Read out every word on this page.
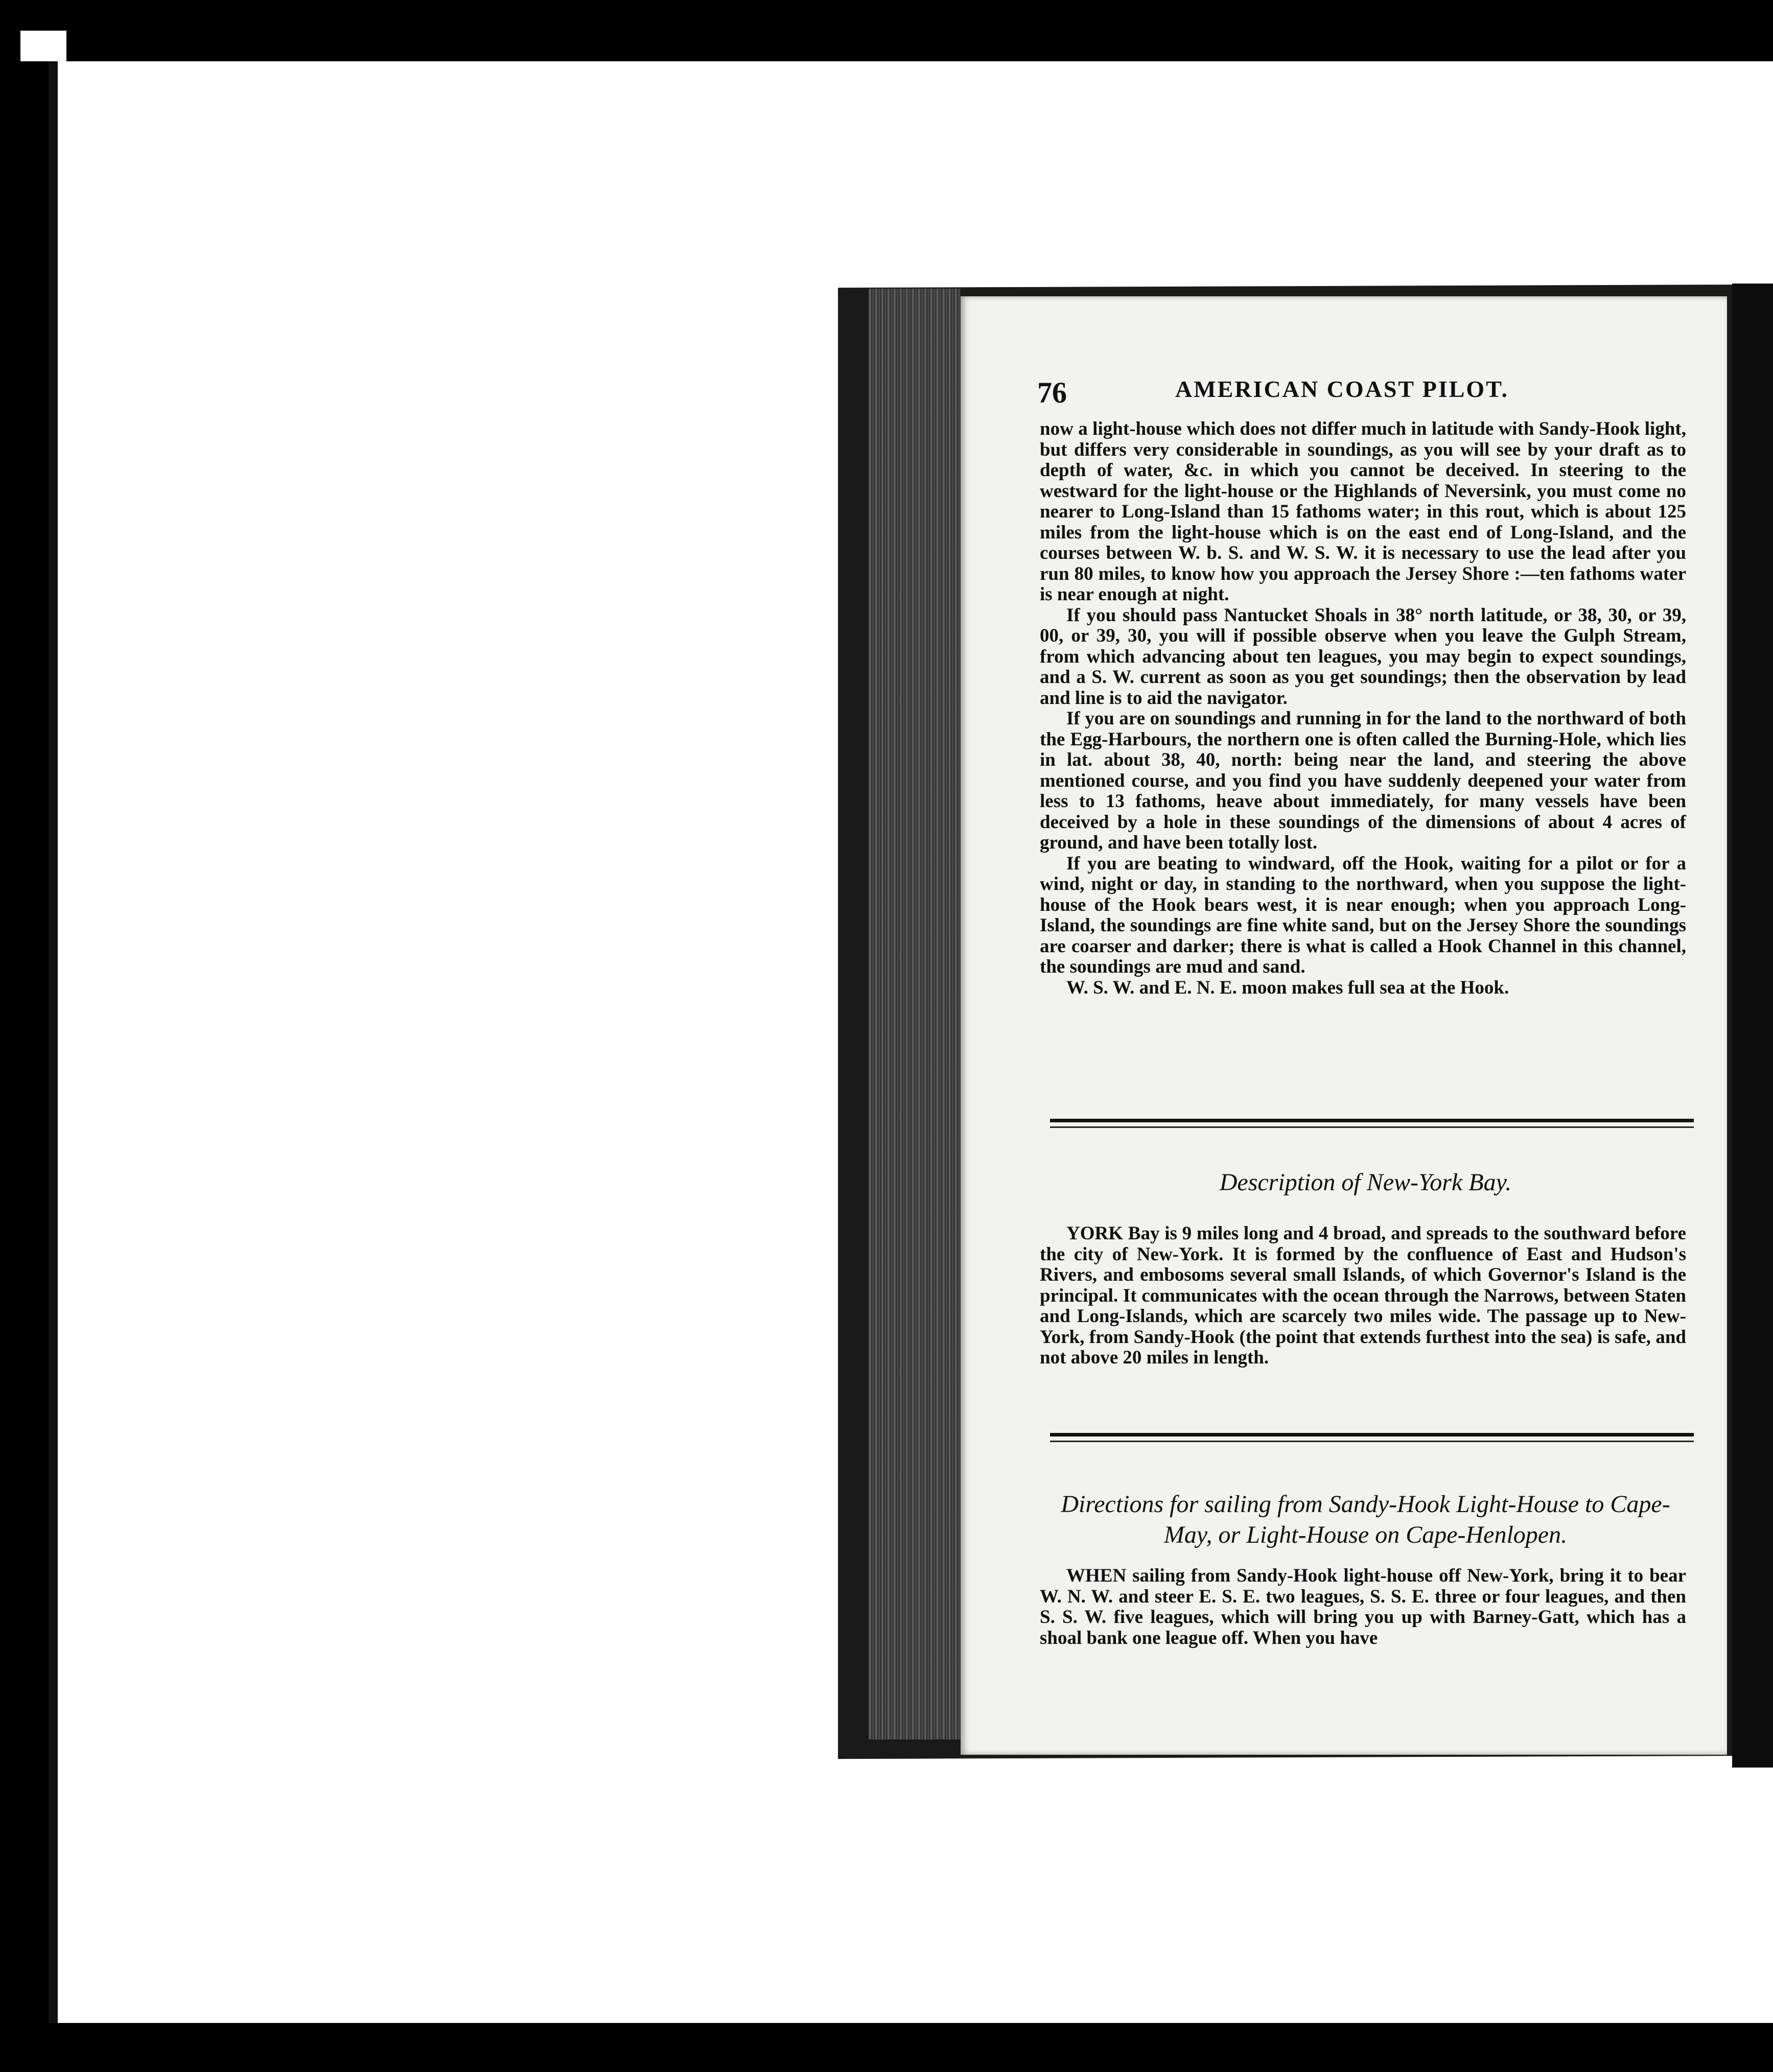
76	AMERICAN COAST PILOT.

now a light-house which does not differ much in latitude with Sandy-Hook light, but differs very considerable in soundings, as you will see by your draft as to depth of water, &c. in which you cannot be deceived. In steering to the westward for the light-house or the Highlands of Neversink, you must come no nearer to Long-Island than 15 fathoms water; in this rout, which is about 125 miles from the light-house which is on the east end of Long-Island, and the courses between W. b. S. and W. S. W. it is necessary to use the lead after you run 80 miles, to know how you approach the Jersey Shore :—ten fathoms water is near enough at night.

If you should pass Nantucket Shoals in 38° north latitude, or 38, 30, or 39, 00, or 39, 30, you will if possible observe when you leave the Gulph Stream, from which advancing about ten leagues, you may begin to expect soundings, and a S. W. current as soon as you get soundings; then the observation by lead and line is to aid the navigator.

If you are on soundings and running in for the land to the northward of both the Egg-Harbours, the northern one is often called the Burning-Hole, which lies in lat. about 38, 40, north: being near the land, and steering the above mentioned course, and you find you have suddenly deepened your water from less to 13 fathoms, heave about immediately, for many vessels have been deceived by a hole in these soundings of the dimensions of about 4 acres of ground, and have been totally lost.

If you are beating to windward, off the Hook, waiting for a pilot or for a wind, night or day, in standing to the northward, when you suppose the light-house of the Hook bears west, it is near enough; when you approach Long-Island, the soundings are fine white sand, but on the Jersey Shore the soundings are coarser and darker; there is what is called a Hook Channel in this channel, the soundings are mud and sand.

W. S. W. and E. N. E. moon makes full sea at the Hook.

Description of New-York Bay.

YORK Bay is 9 miles long and 4 broad, and spreads to the southward before the city of New-York. It is formed by the confluence of East and Hudson's Rivers, and embosoms several small Islands, of which Governor's Island is the principal. It communicates with the ocean through the Narrows, between Staten and Long-Islands, which are scarcely two miles wide. The passage up to New-York, from Sandy-Hook (the point that extends furthest into the sea) is safe, and not above 20 miles in length.

Directions for sailing from Sandy-Hook Light-House to Cape-
May, or Light-House on Cape-Henlopen.

WHEN sailing from Sandy-Hook light-house off New-York, bring it to bear W. N. W. and steer E. S. E. two leagues, S. S. E. three or four leagues, and then S. S. W. five leagues, which will bring you up with Barney-Gatt, which has a shoal bank one league off. When you have
